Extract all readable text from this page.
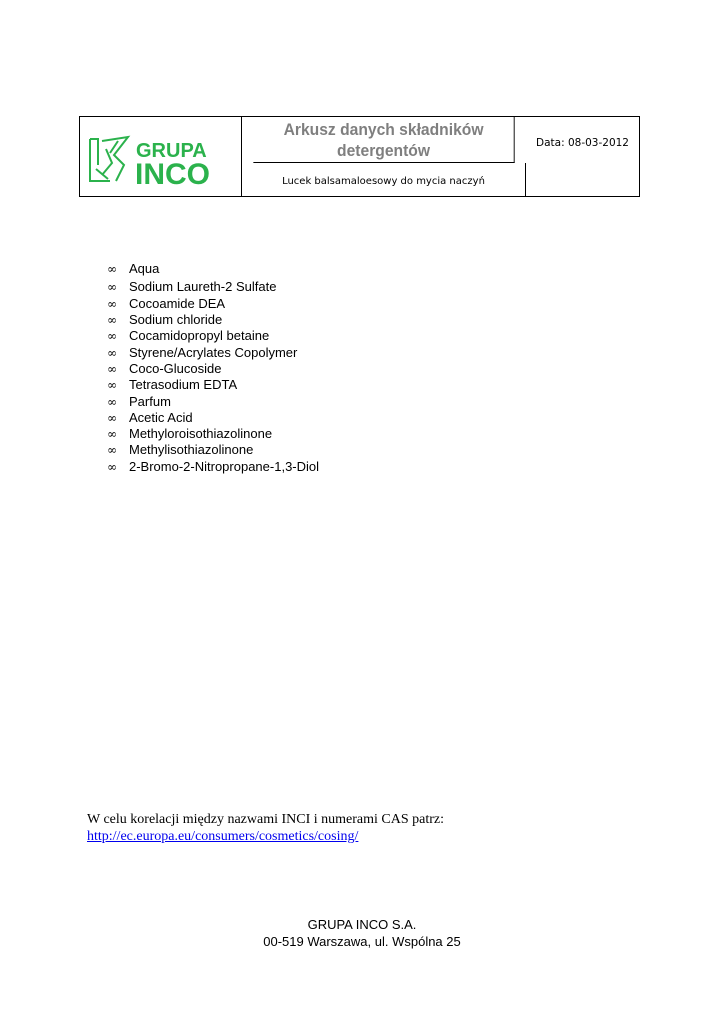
GRUPA
INCO
Arkusz danych składników detergentów
Lucek balsamaloesowy do mycia naczyń
Data: 08-03-2012
∞ Aqua
∞ Sodium Laureth-2 Sulfate
∞ Cocoamide DEA
∞ Sodium chloride
∞ Cocamidopropyl betaine
∞ Styrene/Acrylates Copolymer
∞ Coco-Glucoside
∞ Tetrasodium EDTA
∞ Parfum
∞ Acetic Acid
∞ Methyloroisothiazolinone
∞ Methylisothiazolinone
∞ 2-Bromo-2-Nitropropane-1,3-Diol
W celu korelacji między nazwami INCI i numerami CAS patrz:
http://ec.europa.eu/consumers/cosmetics/cosing/
GRUPA INCO S.A.
00-519 Warszawa, ul. Wspólna 25
